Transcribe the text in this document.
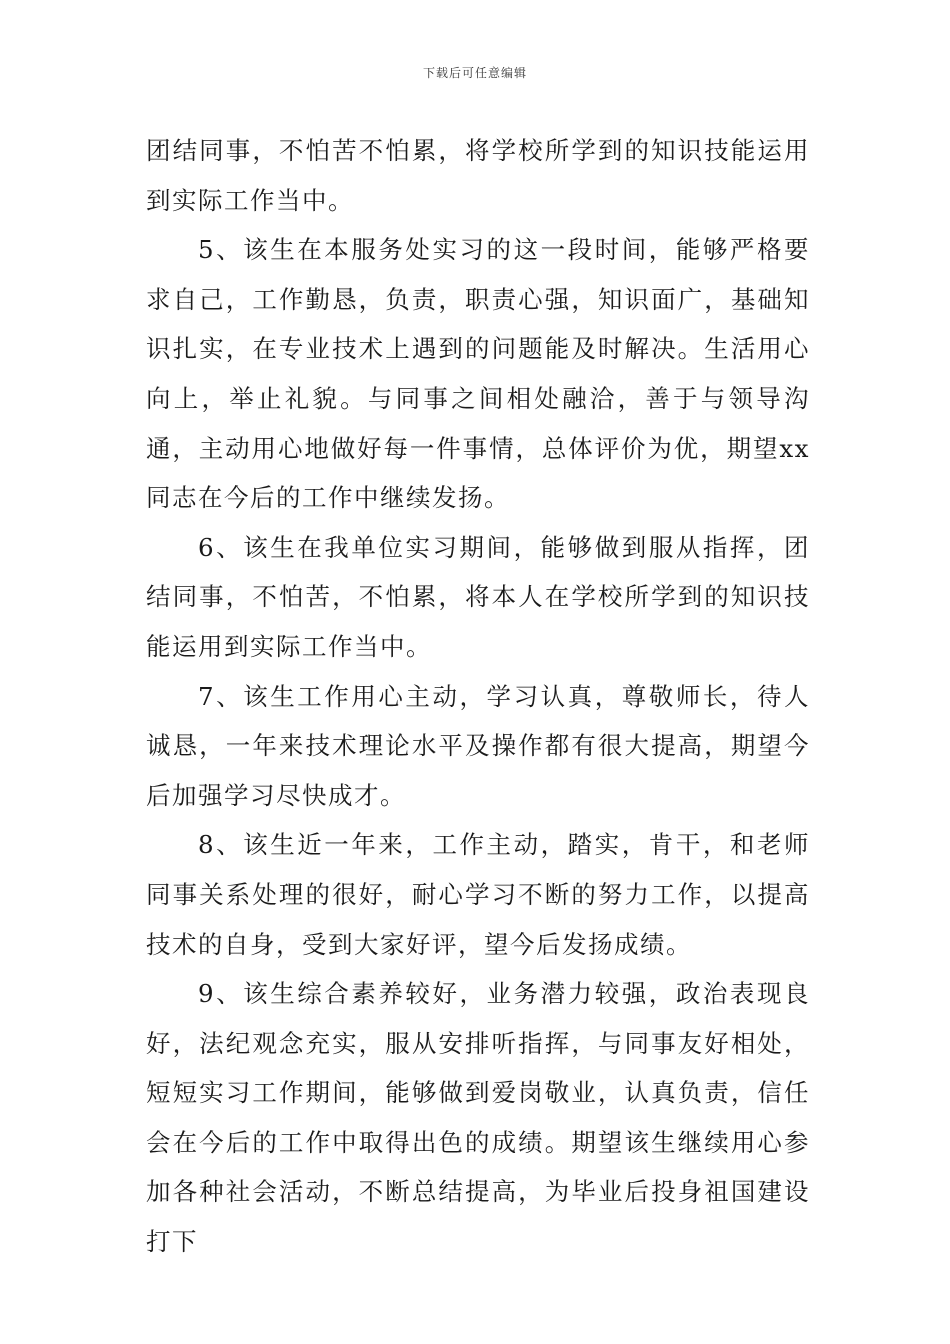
下载后可任意编辑

团结同事，不怕苦不怕累，将学校所学到的知识技能运用到实际工作当中。

5、该生在本服务处实习的这一段时间，能够严格要求自己，工作勤恳，负责，职责心强，知识面广，基础知识扎实，在专业技术上遇到的问题能及时解决。生活用心向上，举止礼貌。与同事之间相处融洽，善于与领导沟通，主动用心地做好每一件事情，总体评价为优，期望xx同志在今后的工作中继续发扬。

6、该生在我单位实习期间，能够做到服从指挥，团结同事，不怕苦，不怕累，将本人在学校所学到的知识技能运用到实际工作当中。

7、该生工作用心主动，学习认真，尊敬师长，待人诚恳，一年来技术理论水平及操作都有很大提高，期望今后加强学习尽快成才。

8、该生近一年来，工作主动，踏实，肯干，和老师同事关系处理的很好，耐心学习不断的努力工作，以提高技术的自身，受到大家好评，望今后发扬成绩。

9、该生综合素养较好，业务潜力较强，政治表现良好，法纪观念充实，服从安排听指挥，与同事友好相处，短短实习工作期间，能够做到爱岗敬业，认真负责，信任会在今后的工作中取得出色的成绩。期望该生继续用心参加各种社会活动，不断总结提高，为毕业后投身祖国建设打下
